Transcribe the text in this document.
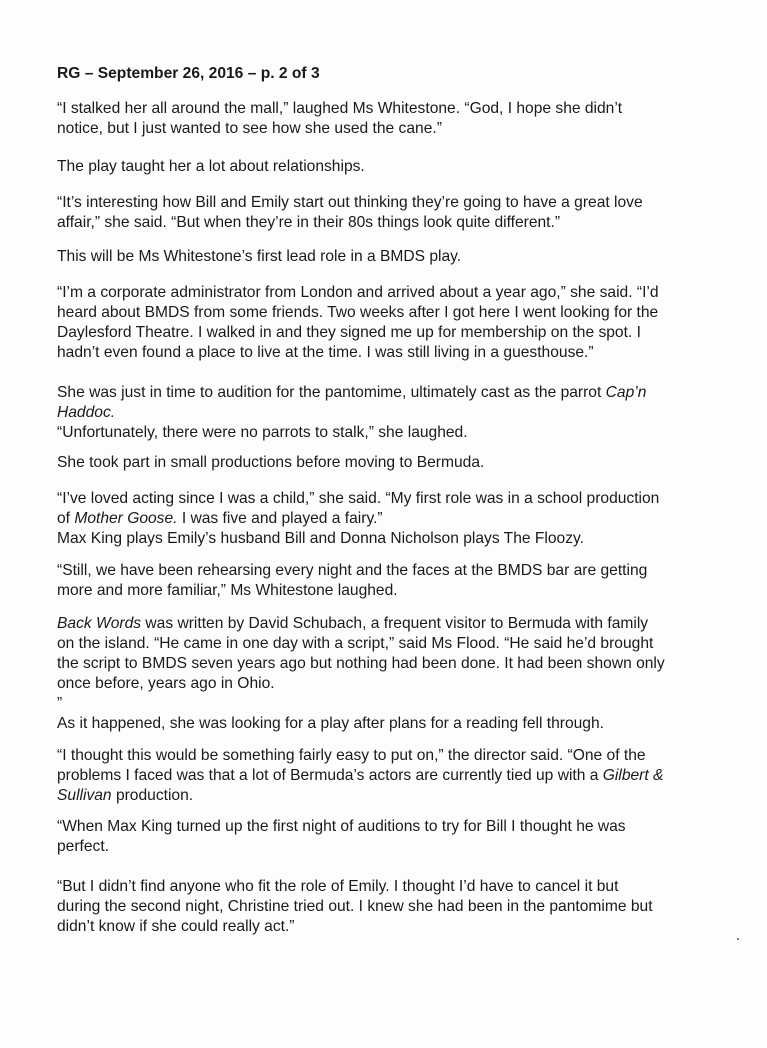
RG – September 26, 2016 – p. 2 of 3
“I stalked her all around the mall,” laughed Ms Whitestone. “God, I hope she didn’t
notice, but I just wanted to see how she used the cane.”
The play taught her a lot about relationships.
“It’s interesting how Bill and Emily start out thinking they’re going to have a great love
affair,” she said. “But when they’re in their 80s things look quite different.”
This will be Ms Whitestone’s first lead role in a BMDS play.
“I’m a corporate administrator from London and arrived about a year ago,” she said. “I’d
heard about BMDS from some friends. Two weeks after I got here I went looking for the
Daylesford Theatre. I walked in and they signed me up for membership on the spot. I
hadn’t even found a place to live at the time. I was still living in a guesthouse.”
She was just in time to audition for the pantomime, ultimately cast as the parrot Cap’n
Haddoc.
“Unfortunately, there were no parrots to stalk,” she laughed.
She took part in small productions before moving to Bermuda.
“I’ve loved acting since I was a child,” she said. “My first role was in a school production
of Mother Goose. I was five and played a fairy.”
Max King plays Emily’s husband Bill and Donna Nicholson plays The Floozy.
“Still, we have been rehearsing every night and the faces at the BMDS bar are getting
more and more familiar,” Ms Whitestone laughed.
Back Words was written by David Schubach, a frequent visitor to Bermuda with family
on the island. “He came in one day with a script,” said Ms Flood. “He said he’d brought
the script to BMDS seven years ago but nothing had been done. It had been shown only
once before, years ago in Ohio.
”
As it happened, she was looking for a play after plans for a reading fell through.
“I thought this would be something fairly easy to put on,” the director said. “One of the
problems I faced was that a lot of Bermuda’s actors are currently tied up with a Gilbert &
Sullivan production.
“When Max King turned up the first night of auditions to try for Bill I thought he was
perfect.
“But I didn’t find anyone who fit the role of Emily. I thought I’d have to cancel it but
during the second night, Christine tried out. I knew she had been in the pantomime but
didn’t know if she could really act.”
